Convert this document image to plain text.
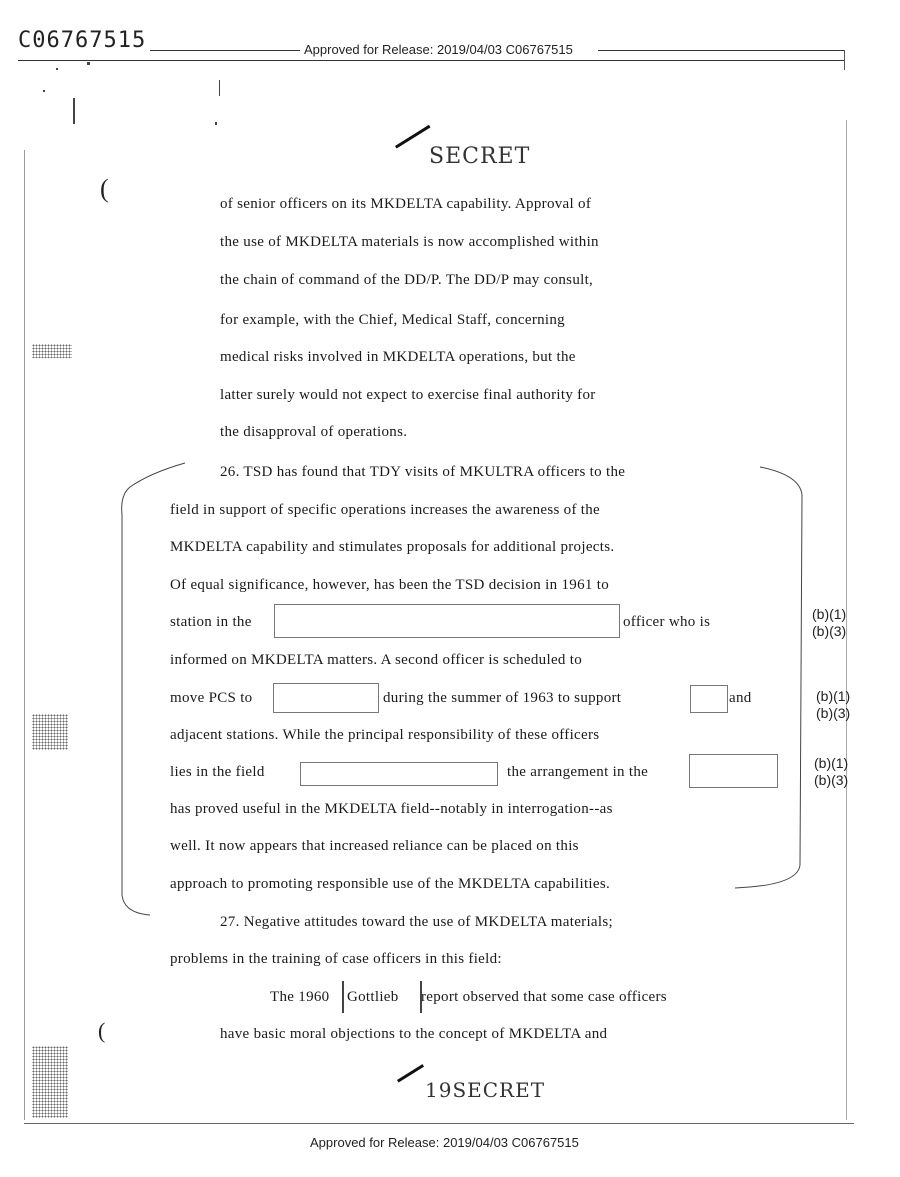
C06767515	Approved for Release: 2019/04/03 C06767515
(
(
SECRET
of senior officers on its MKDELTA capability. Approval of
the use of MKDELTA materials is now accomplished within
the chain of command of the DD/P. The DD/P may consult,
for example, with the Chief, Medical Staff, concerning
medical risks involved in MKDELTA operations, but the
latter surely would not expect to exercise final authority for
the disapproval of operations.
26. TSD has found that TDY visits of MKULTRA officers to the
field in support of specific operations increases the awareness of the
MKDELTA capability and stimulates proposals for additional projects.
Of equal significance, however, has been the TSD decision in 1961 to
station in the	officer who is
informed on MKDELTA matters. A second officer is scheduled to
move PCS to	during the summer of 1963 to support	and
adjacent stations. While the principal responsibility of these officers
lies in the field	the arrangement in the
has proved useful in the MKDELTA field--notably in interrogation--as
well. It now appears that increased reliance can be placed on this
approach to promoting responsible use of the MKDELTA capabilities.
(b)(1)
(b)(3)
(b)(1)
(b)(3)
(b)(1)
(b)(3)
27. Negative attitudes toward the use of MKDELTA materials;
problems in the training of case officers in this field:
The 1960 Gottlieb report observed that some case officers
have basic moral objections to the concept of MKDELTA and
19SECRET
Approved for Release: 2019/04/03 C06767515
